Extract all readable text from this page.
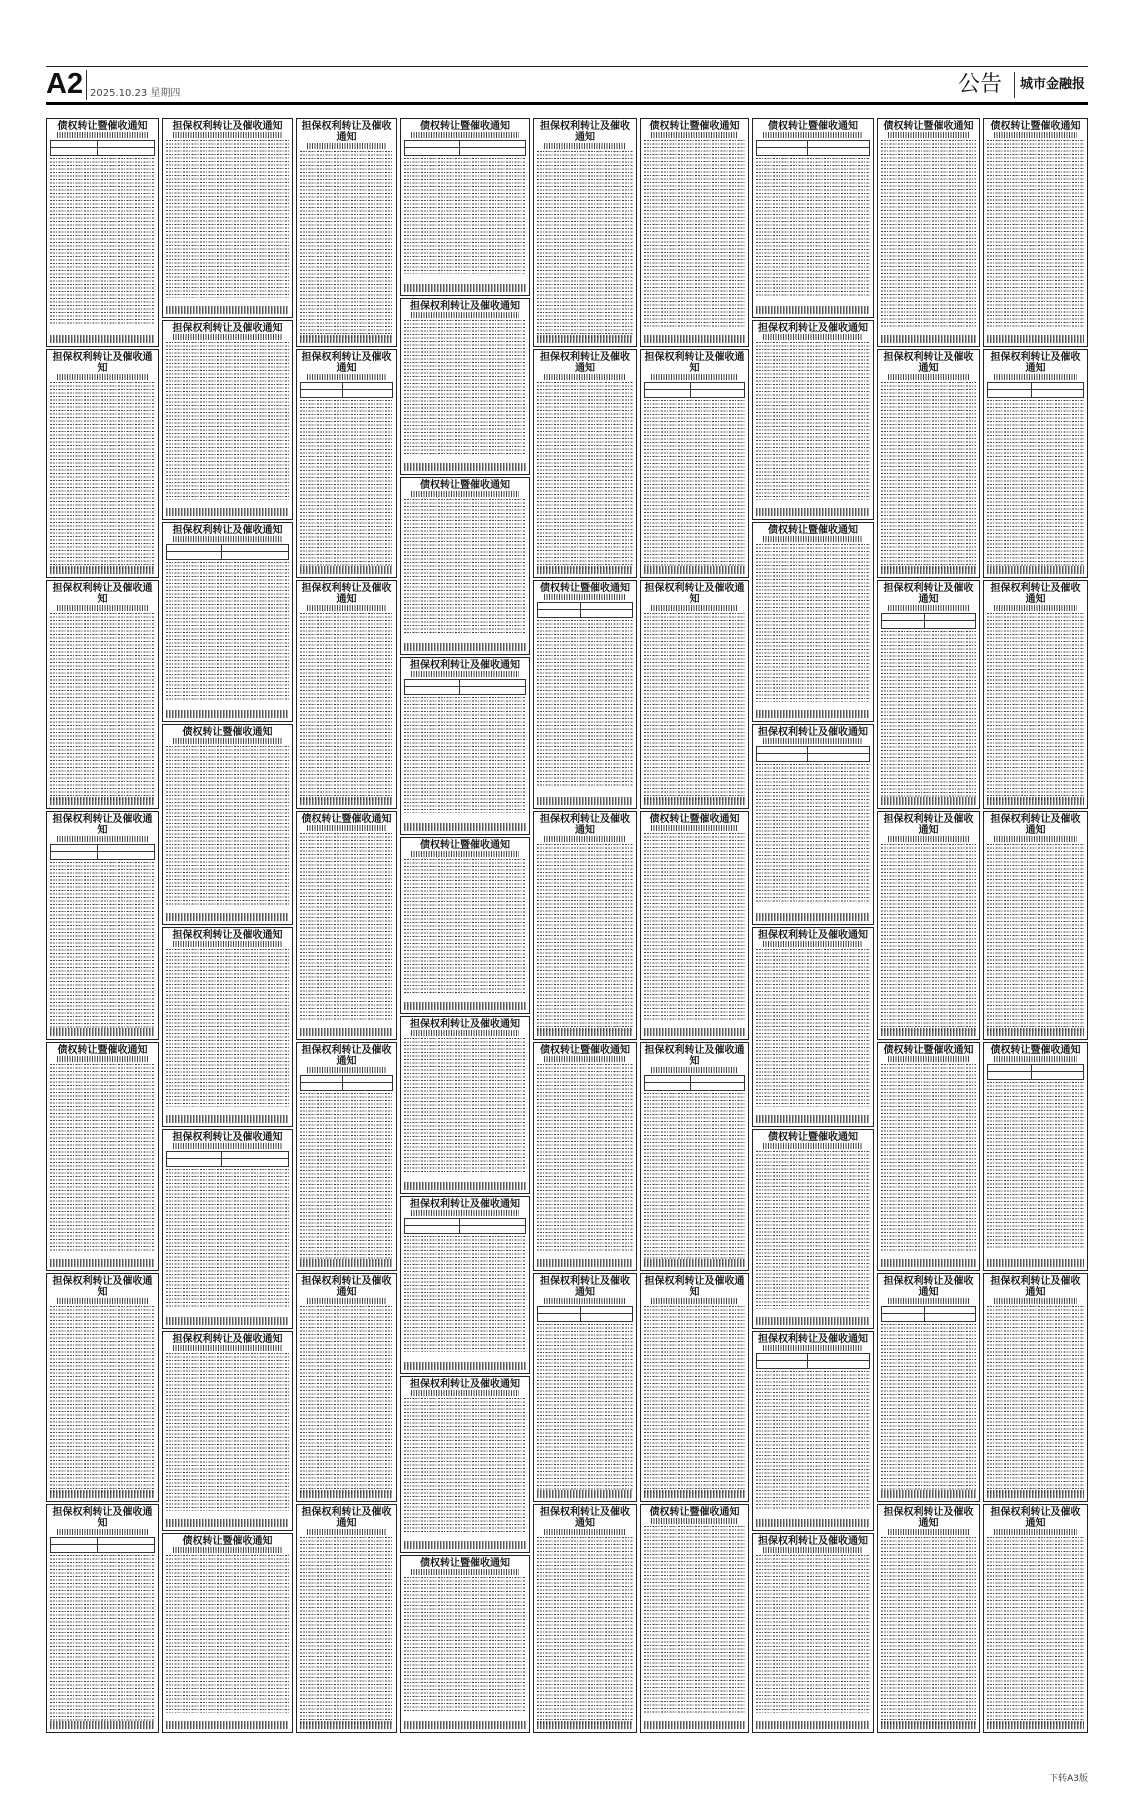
A2 2025.10.23 星期四	公告 城市金融报
债权转让暨催收通知

担保权利转让及催收通知

担保权利转让及催收通知

担保权利转让及催收通知

债权转让暨催收通知

担保权利转让及催收通知

担保权利转让及催收通知

担保权利转让及催收通知

担保权利转让及催收通知

担保权利转让及催收通知

债权转让暨催收通知

担保权利转让及催收通知

担保权利转让及催收通知

担保权利转让及催收通知

债权转让暨催收通知

担保权利转让及催收通知

担保权利转让及催收通知

担保权利转让及催收通知

债权转让暨催收通知

担保权利转让及催收通知

担保权利转让及催收通知

担保权利转让及催收通知

债权转让暨催收通知

担保权利转让及催收通知

债权转让暨催收通知

担保权利转让及催收通知

债权转让暨催收通知

担保权利转让及催收通知

担保权利转让及催收通知

担保权利转让及催收通知

债权转让暨催收通知

担保权利转让及催收通知

担保权利转让及催收通知

债权转让暨催收通知

担保权利转让及催收通知

债权转让暨催收通知

担保权利转让及催收通知

担保权利转让及催收通知

债权转让暨催收通知

担保权利转让及催收通知

担保权利转让及催收通知

债权转让暨催收通知

担保权利转让及催收通知

担保权利转让及催收通知

债权转让暨催收通知

债权转让暨催收通知

担保权利转让及催收通知

债权转让暨催收通知

担保权利转让及催收通知

担保权利转让及催收通知

债权转让暨催收通知

担保权利转让及催收通知

担保权利转让及催收通知

债权转让暨催收通知

担保权利转让及催收通知

担保权利转让及催收通知

担保权利转让及催收通知

债权转让暨催收通知

担保权利转让及催收通知

担保权利转让及催收通知

债权转让暨催收通知

担保权利转让及催收通知

担保权利转让及催收通知

担保权利转让及催收通知

债权转让暨催收通知

担保权利转让及催收通知

担保权利转让及催收通知

下转A3版
